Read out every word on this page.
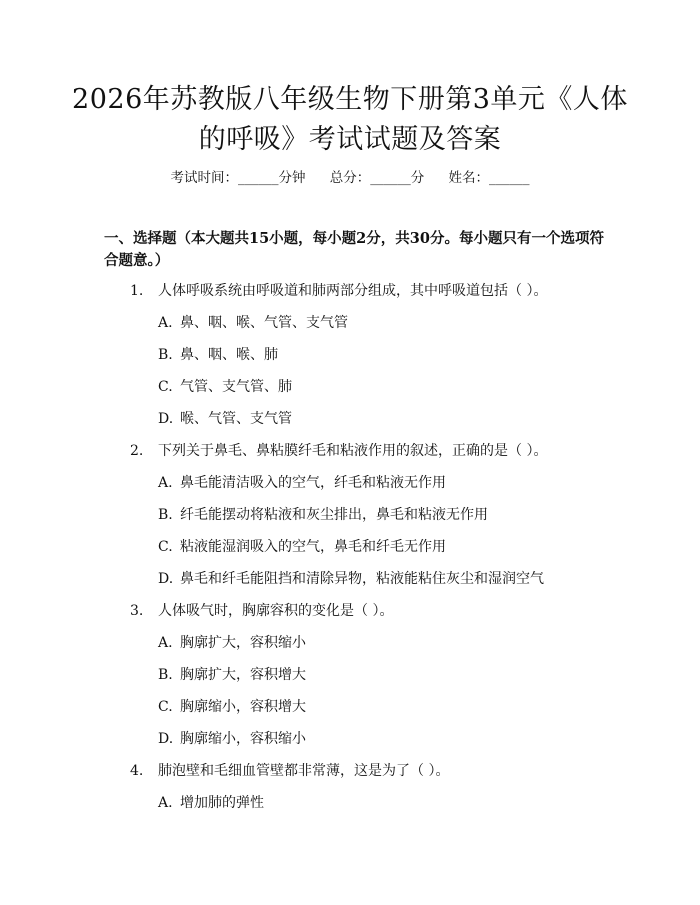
2026年苏教版八年级生物下册第3单元《人体的呼吸》考试试题及答案
考试时间：______分钟 总分：______分 姓名：______
一、选择题（本大题共15小题，每小题2分，共30分。每小题只有一个选项符合题意。）
1. 人体呼吸系统由呼吸道和肺两部分组成，其中呼吸道包括（ ）。
A. 鼻、咽、喉、气管、支气管
B. 鼻、咽、喉、肺
C. 气管、支气管、肺
D. 喉、气管、支气管
2. 下列关于鼻毛、鼻粘膜纤毛和粘液作用的叙述，正确的是（ ）。
A. 鼻毛能清洁吸入的空气，纤毛和粘液无作用
B. 纤毛能摆动将粘液和灰尘排出，鼻毛和粘液无作用
C. 粘液能湿润吸入的空气，鼻毛和纤毛无作用
D. 鼻毛和纤毛能阻挡和清除异物，粘液能粘住灰尘和湿润空气
3. 人体吸气时，胸廓容积的变化是（ ）。
A. 胸廓扩大，容积缩小
B. 胸廓扩大，容积增大
C. 胸廓缩小，容积增大
D. 胸廓缩小，容积缩小
4. 肺泡壁和毛细血管壁都非常薄，这是为了（ ）。
A. 增加肺的弹性
